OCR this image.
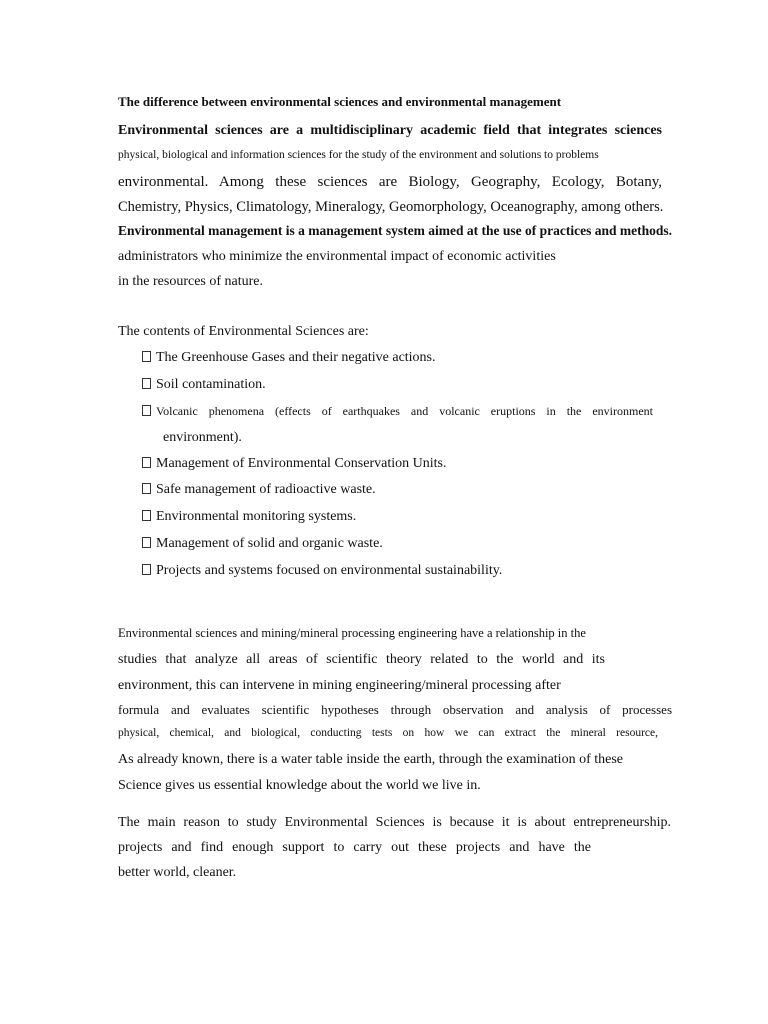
The difference between environmental sciences and environmental management
Environmental sciences are a multidisciplinary academic field that integrates sciences
physical, biological and information sciences for the study of the environment and solutions to problems
environmental. Among these sciences are Biology, Geography, Ecology, Botany,
Chemistry, Physics, Climatology, Mineralogy, Geomorphology, Oceanography, among others.
Environmental management is a management system aimed at the use of practices and methods.
administrators who minimize the environmental impact of economic activities
in the resources of nature.
The contents of Environmental Sciences are:
The Greenhouse Gases and their negative actions.
Soil contamination.
Volcanic phenomena (effects of earthquakes and volcanic eruptions in the environment
environment).
Management of Environmental Conservation Units.
Safe management of radioactive waste.
Environmental monitoring systems.
Management of solid and organic waste.
Projects and systems focused on environmental sustainability.
Environmental sciences and mining/mineral processing engineering have a relationship in the
studies that analyze all areas of scientific theory related to the world and its
environment, this can intervene in mining engineering/mineral processing after
formula and evaluates scientific hypotheses through observation and analysis of processes
physical, chemical, and biological, conducting tests on how we can extract the mineral resource,
As already known, there is a water table inside the earth, through the examination of these
Science gives us essential knowledge about the world we live in.
The main reason to study Environmental Sciences is because it is about entrepreneurship.
projects and find enough support to carry out these projects and have the
better world, cleaner.
